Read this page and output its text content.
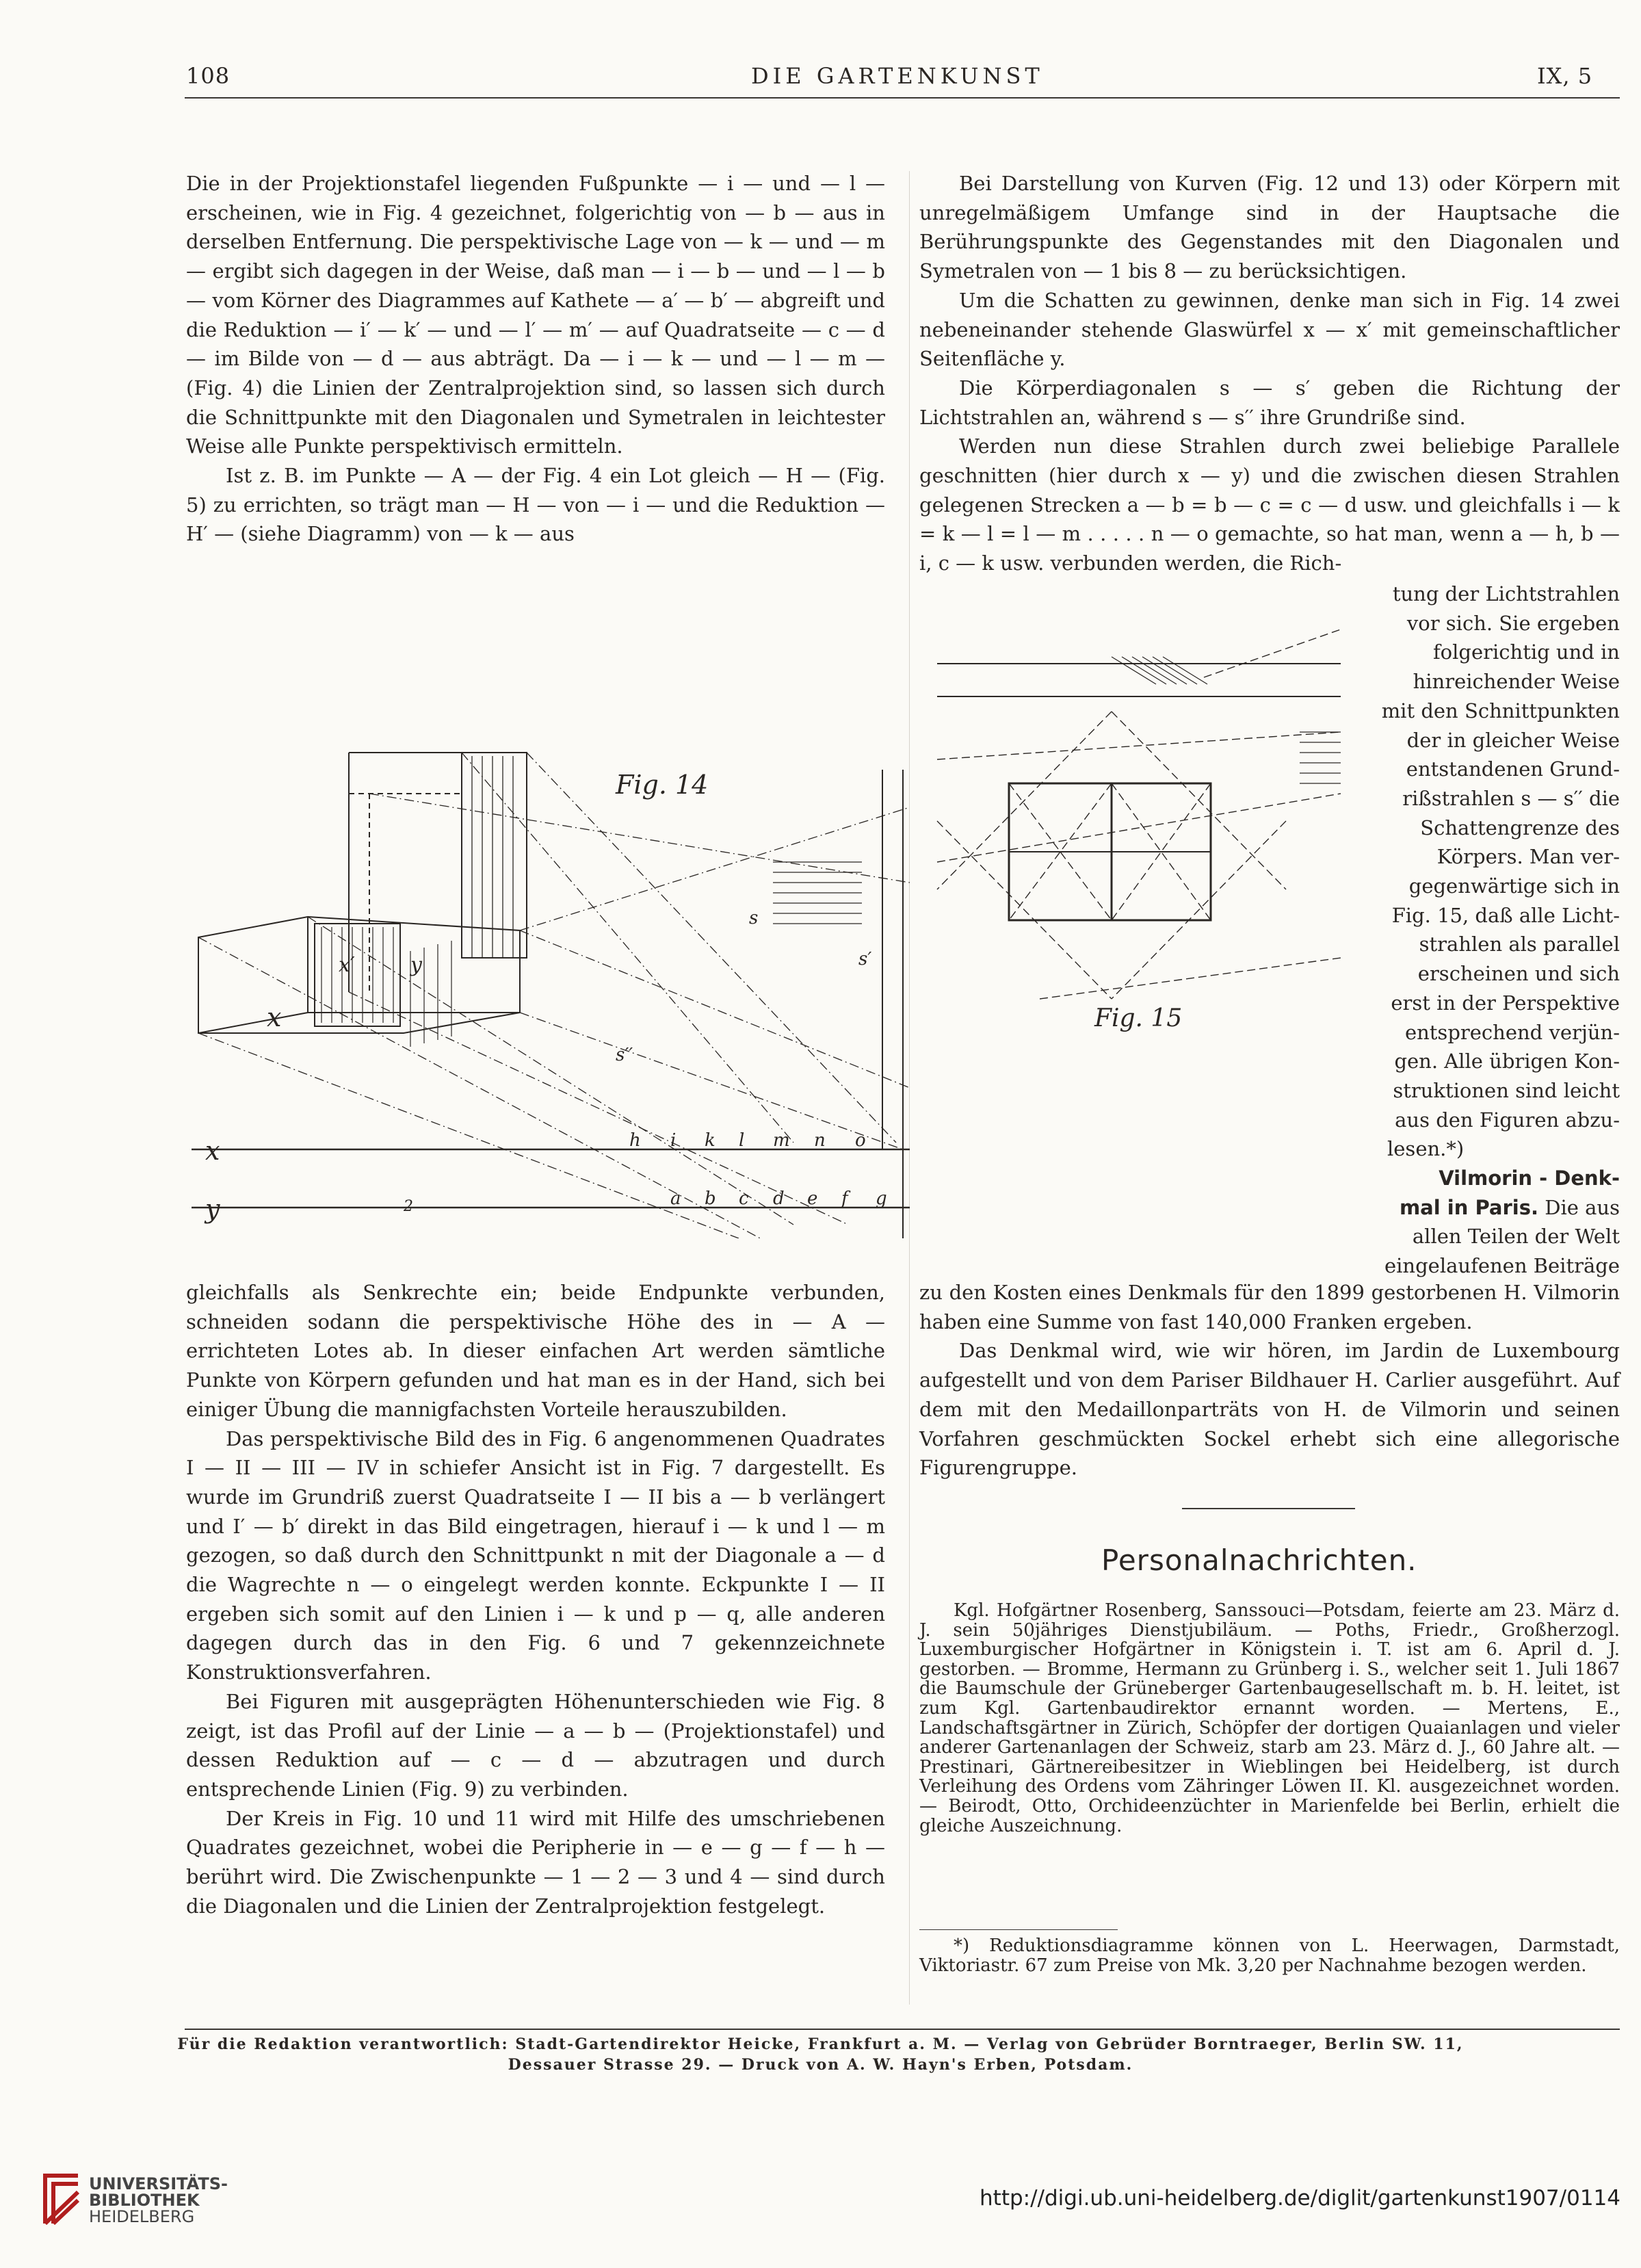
108	DIE GARTENKUNST	IX, 5

Die in der Projektionstafel liegenden Fußpunkte — i — und — l — erscheinen, wie in Fig. 4 gezeichnet, folgerichtig von — b — aus in derselben Entfernung. Die perspektivische Lage von — k — und — m — ergibt sich dagegen in der Weise, daß man — i — b — und — l — b — vom Körner des Diagrammes auf Kathete — a′ — b′ — abgreift und die Reduktion — i′ — k′ — und — l′ — m′ — auf Quadratseite — c — d — im Bilde von — d — aus abträgt. Da — i — k — und — l — m — (Fig. 4) die Linien der Zentralprojektion sind, so lassen sich durch die Schnittpunkte mit den Diagonalen und Symetralen in leichtester Weise alle Punkte perspektivisch ermitteln.

Ist z. B. im Punkte — A — der Fig. 4 ein Lot gleich — H — (Fig. 5) zu errichten, so trägt man — H — von — i — und die Reduktion — H′ — (siehe Diagramm) von — k — aus

Bei Darstellung von Kurven (Fig. 12 und 13) oder Körpern mit unregelmäßigem Umfange sind in der Hauptsache die Berührungspunkte des Gegenstandes mit den Diagonalen und Symetralen von — 1 bis 8 — zu berücksichtigen.

Um die Schatten zu gewinnen, denke man sich in Fig. 14 zwei nebeneinander stehende Glaswürfel x — x′ mit gemeinschaftlicher Seitenfläche y.

Die Körperdiagonalen s — s′ geben die Richtung der Lichtstrahlen an, während s — s′′ ihre Grundriße sind.

Werden nun diese Strahlen durch zwei beliebige Parallele geschnitten (hier durch x — y) und die zwischen diesen Strahlen gelegenen Strecken a — b = b — c = c — d usw. und gleichfalls i — k = k — l = l — m . . . . . n — o gemachte, so hat man, wenn a — h, b — i, c — k usw. verbunden werden, die Rich-

tung der Lichtstrahlen
vor sich. Sie ergeben
folgerichtig und in
hinreichender Weise
mit den Schnittpunkten
der in gleicher Weise
entstandenen Grund-
rißstrahlen s — s′′ die
Schattengrenze des
Körpers. Man ver-
gegenwärtige sich in
Fig. 15, daß alle Licht-
strahlen als parallel
erscheinen und sich
erst in der Perspektive
entsprechend verjün-
gen. Alle übrigen Kon-
struktionen sind leicht
aus den Figuren abzu-
lesen.*)
Vilmorin - Denk-
mal in Paris. Die aus
allen Teilen der Welt
eingelaufenen Beiträge
Fig. 14
x
x
y
x′	y
2
h i k l m n o
a b c d e f g
s
s′
s′′
Fig. 15

gleichfalls als Senkrechte ein; beide Endpunkte verbunden, schneiden sodann die perspektivische Höhe des in — A — errichteten Lotes ab. In dieser einfachen Art werden sämtliche Punkte von Körpern gefunden und hat man es in der Hand, sich bei einiger Übung die mannigfachsten Vorteile herauszubilden.

Das perspektivische Bild des in Fig. 6 angenommenen Quadrates I — II — III — IV in schiefer Ansicht ist in Fig. 7 dargestellt. Es wurde im Grundriß zuerst Quadratseite I — II bis a — b verlängert und I′ — b′ direkt in das Bild eingetragen, hierauf i — k und l — m gezogen, so daß durch den Schnittpunkt n mit der Diagonale a — d die Wagrechte n — o eingelegt werden konnte. Eckpunkte I — II ergeben sich somit auf den Linien i — k und p — q, alle anderen dagegen durch das in den Fig. 6 und 7 gekennzeichnete Konstruktionsverfahren.

Bei Figuren mit ausgeprägten Höhenunterschieden wie Fig. 8 zeigt, ist das Profil auf der Linie — a — b — (Projektionstafel) und dessen Reduktion auf — c — d — abzutragen und durch entsprechende Linien (Fig. 9) zu verbinden.

Der Kreis in Fig. 10 und 11 wird mit Hilfe des umschriebenen Quadrates gezeichnet, wobei die Peripherie in — e — g — f — h — berührt wird. Die Zwischenpunkte — 1 — 2 — 3 und 4 — sind durch die Diagonalen und die Linien der Zentralprojektion festgelegt.

zu den Kosten eines Denkmals für den 1899 gestorbenen H. Vilmorin haben eine Summe von fast 140,000 Franken ergeben.

Das Denkmal wird, wie wir hören, im Jardin de Luxembourg aufgestellt und von dem Pariser Bildhauer H. Carlier ausgeführt. Auf dem mit den Medaillonparträts von H. de Vilmorin und seinen Vorfahren geschmückten Sockel erhebt sich eine allegorische Figurengruppe.

Personalnachrichten.

Kgl. Hofgärtner Rosenberg, Sanssouci—Potsdam, feierte am 23. März d. J. sein 50jähriges Dienstjubiläum. — Poths, Friedr., Großherzogl. Luxemburgischer Hofgärtner in Königstein i. T. ist am 6. April d. J. gestorben. — Bromme, Hermann zu Grünberg i. S., welcher seit 1. Juli 1867 die Baumschule der Grüneberger Gartenbaugesellschaft m. b. H. leitet, ist zum Kgl. Gartenbaudirektor ernannt worden. — Mertens, E., Landschaftsgärtner in Zürich, Schöpfer der dortigen Quaianlagen und vieler anderer Gartenanlagen der Schweiz, starb am 23. März d. J., 60 Jahre alt. — Prestinari, Gärtnereibesitzer in Wieblingen bei Heidelberg, ist durch Verleihung des Ordens vom Zähringer Löwen II. Kl. ausgezeichnet worden. — Beirodt, Otto, Orchideenzüchter in Marienfelde bei Berlin, erhielt die gleiche Auszeichnung.

*) Reduktionsdiagramme können von L. Heerwagen, Darmstadt, Viktoriastr. 67 zum Preise von Mk. 3,20 per Nachnahme bezogen werden.

Für die Redaktion verantwortlich: Stadt-Gartendirektor Heicke, Frankfurt a. M. — Verlag von Gebrüder Borntraeger, Berlin SW. 11,
Dessauer Strasse 29. — Druck von A. W. Hayn's Erben, Potsdam.
UNIVERSITÄTS-
BIBLIOTHEK
HEIDELBERG
http://digi.ub.uni-heidelberg.de/diglit/gartenkunst1907/0114
